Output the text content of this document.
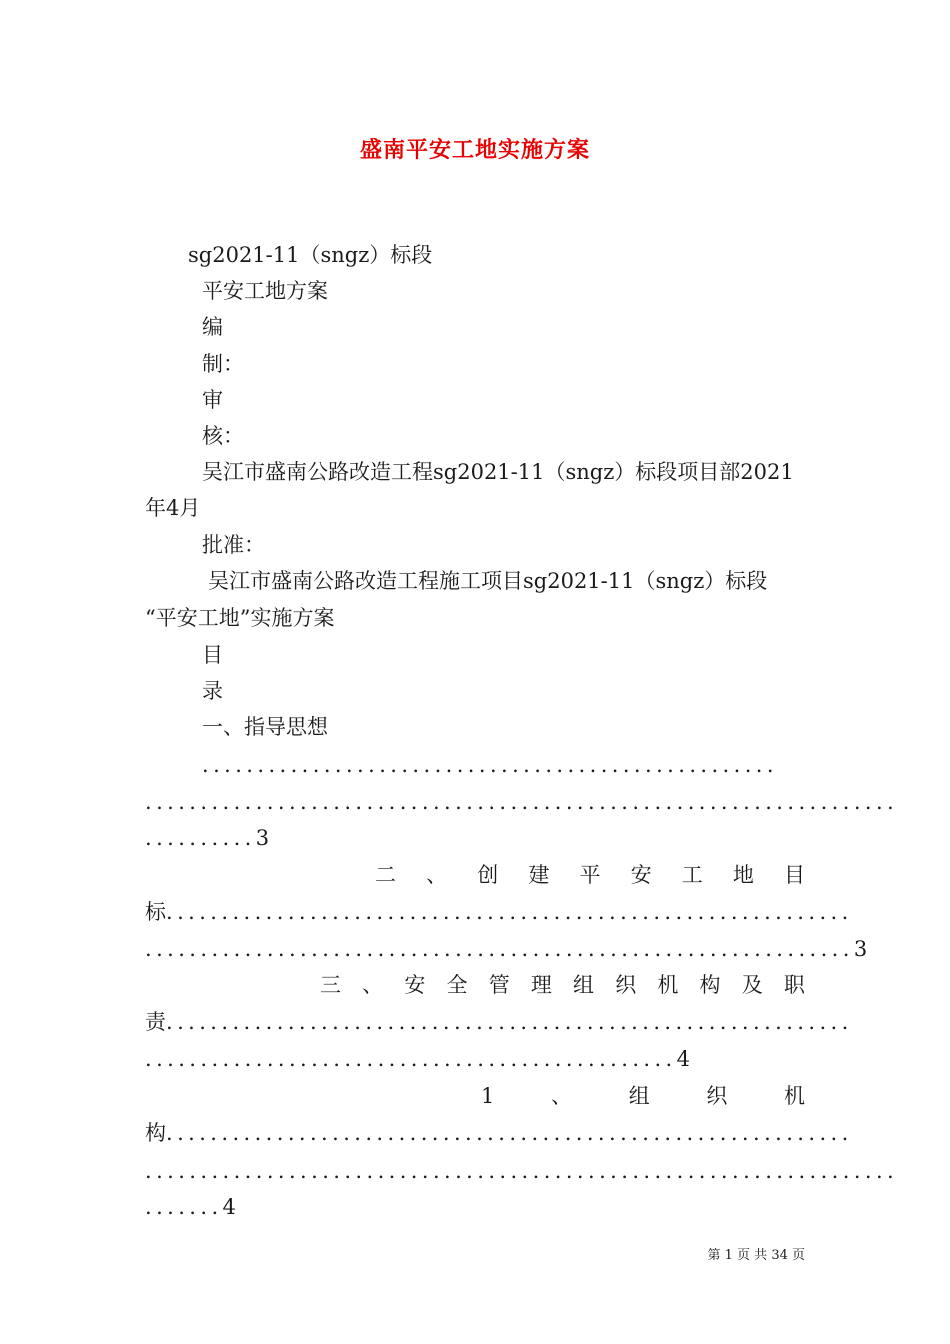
盛南平安工地实施方案
sg2021-11（sngz）标段
平安工地方案
编
制：
审
核：
吴江市盛南公路改造工程sg2021-11（sngz）标段项目部2021
年4月
批准：
吴江市盛南公路改造工程施工项目sg2021-11（sngz）标段
“平安工地”实施方案
目
录
一、指导思想
....................................................
....................................................................
..........3
二 、 创 建 平 安 工 地 目
标..............................................................
................................................................3
三 、 安 全 管 理 组 织 机 构 及 职
责..............................................................
................................................4
1	、	组	织	机
构..............................................................
....................................................................
.......4
第 1 页 共 34 页
